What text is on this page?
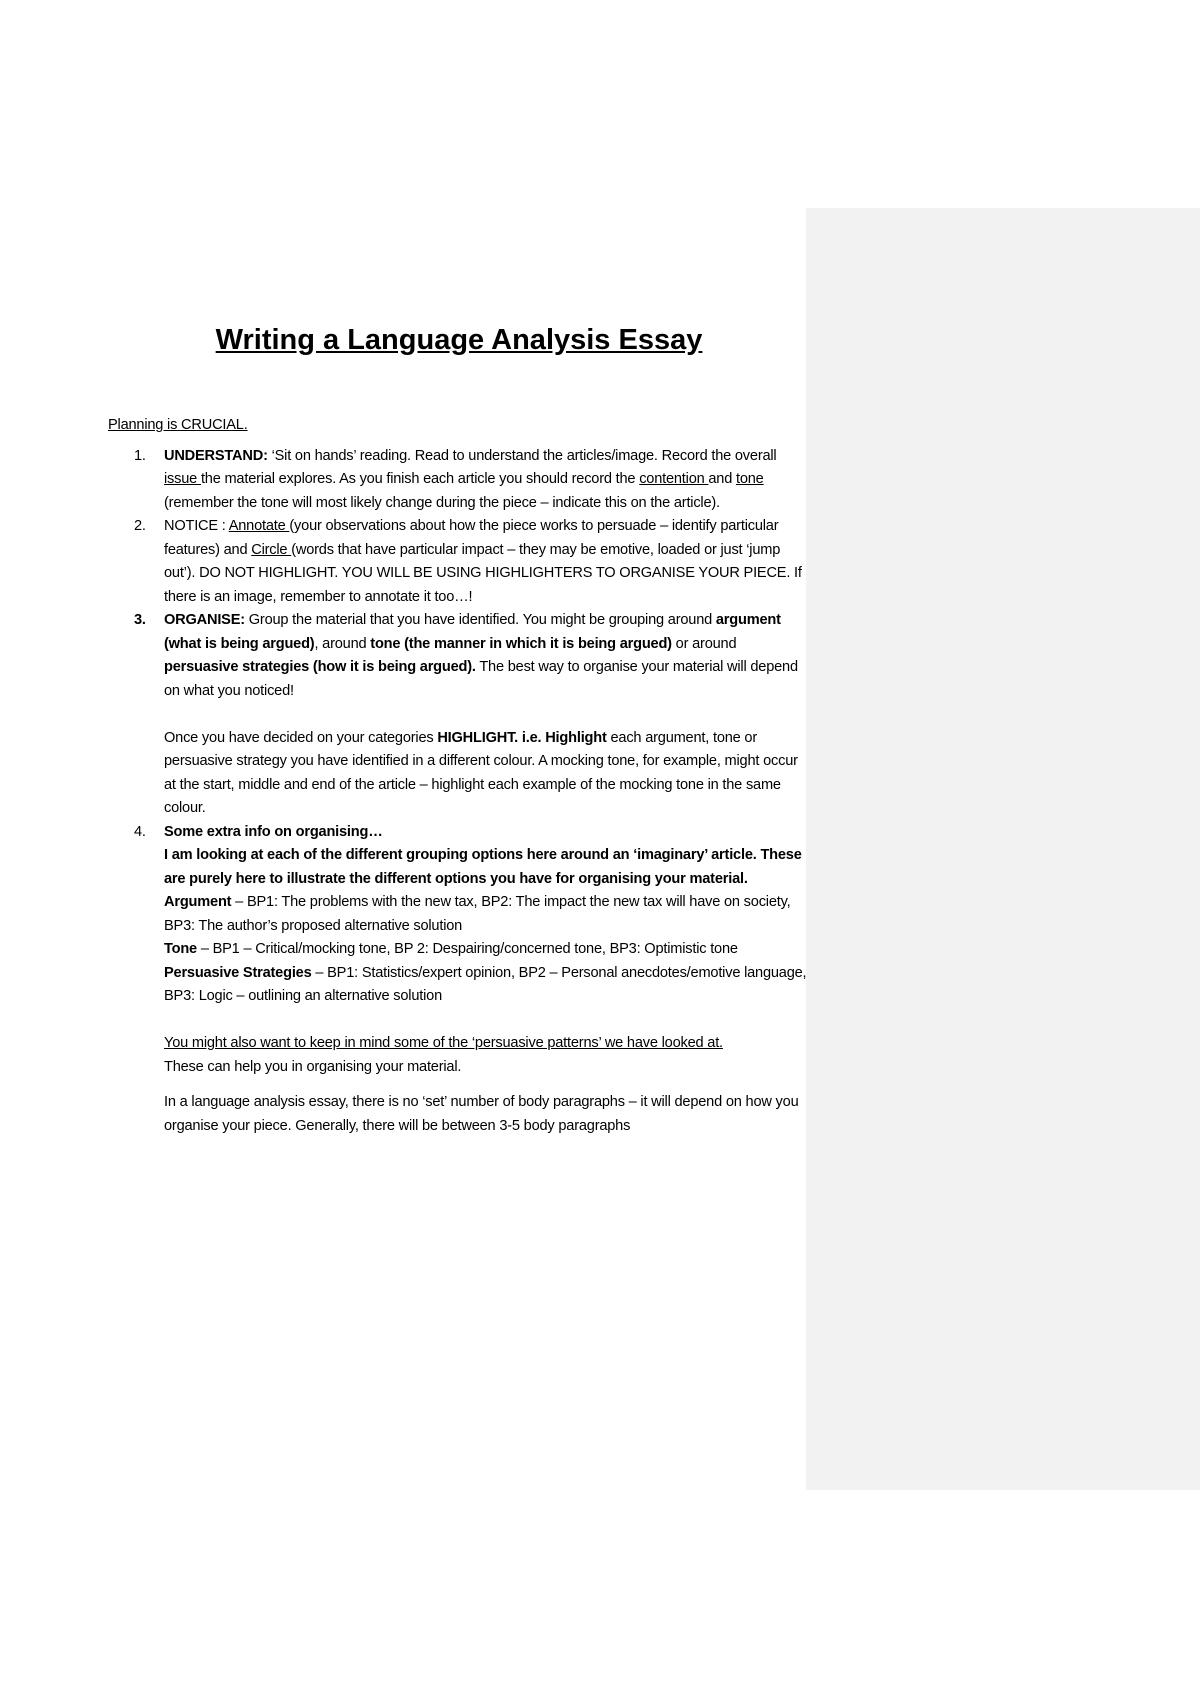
Writing a Language Analysis Essay

Planning is CRUCIAL.

1. UNDERSTAND: ‘Sit on hands’ reading. Read to understand the articles/image. Record the overall issue the material explores. As you finish each article you should record the contention and tone (remember the tone will most likely change during the piece – indicate this on the article).
2. NOTICE : Annotate (your observations about how the piece works to persuade – identify particular features) and Circle (words that have particular impact – they may be emotive, loaded or just ‘jump out’). DO NOT HIGHLIGHT. YOU WILL BE USING HIGHLIGHTERS TO ORGANISE YOUR PIECE. If there is an image, remember to annotate it too…!
3. ORGANISE: Group the material that you have identified. You might be grouping around argument (what is being argued), around tone (the manner in which it is being argued) or around persuasive strategies (how it is being argued). The best way to organise your material will depend on what you noticed!
Once you have decided on your categories HIGHLIGHT. i.e. Highlight each argument, tone or persuasive strategy you have identified in a different colour. A mocking tone, for example, might occur at the start, middle and end of the article – highlight each example of the mocking tone in the same colour.
4. Some extra info on organising…
I am looking at each of the different grouping options here around an ‘imaginary’ article. These are purely here to illustrate the different options you have for organising your material.
Argument – BP1: The problems with the new tax, BP2: The impact the new tax will have on society, BP3: The author’s proposed alternative solution
Tone – BP1 – Critical/mocking tone, BP 2: Despairing/concerned tone, BP3: Optimistic tone
Persuasive Strategies – BP1: Statistics/expert opinion, BP2 – Personal anecdotes/emotive language, BP3: Logic – outlining an alternative solution

You might also want to keep in mind some of the ‘persuasive patterns’ we have looked at.

These can help you in organising your material.

In a language analysis essay, there is no ‘set’ number of body paragraphs – it will depend on how you organise your piece. Generally, there will be between 3-5 body paragraphs
